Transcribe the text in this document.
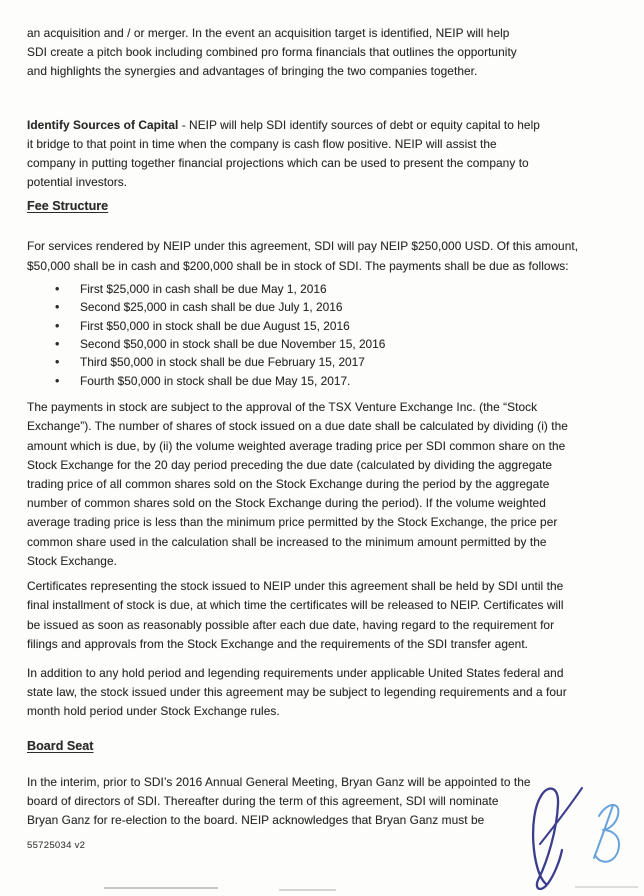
an acquisition and / or merger. In the event an acquisition target is identified, NEIP will help
SDI create a pitch book including combined pro forma financials that outlines the opportunity
and highlights the synergies and advantages of bringing the two companies together.
Identify Sources of Capital - NEIP will help SDI identify sources of debt or equity capital to help
it bridge to that point in time when the company is cash flow positive. NEIP will assist the
company in putting together financial projections which can be used to present the company to
potential investors.
Fee Structure
For services rendered by NEIP under this agreement, SDI will pay NEIP $250,000 USD. Of this amount,
$50,000 shall be in cash and $200,000 shall be in stock of SDI. The payments shall be due as follows:
• First $25,000 in cash shall be due May 1, 2016
• Second $25,000 in cash shall be due July 1, 2016
• First $50,000 in stock shall be due August 15, 2016
• Second $50,000 in stock shall be due November 15, 2016
• Third $50,000 in stock shall be due February 15, 2017
• Fourth $50,000 in stock shall be due May 15, 2017.
The payments in stock are subject to the approval of the TSX Venture Exchange Inc. (the “Stock
Exchange”). The number of shares of stock issued on a due date shall be calculated by dividing (i) the
amount which is due, by (ii) the volume weighted average trading price per SDI common share on the
Stock Exchange for the 20 day period preceding the due date (calculated by dividing the aggregate
trading price of all common shares sold on the Stock Exchange during the period by the aggregate
number of common shares sold on the Stock Exchange during the period). If the volume weighted
average trading price is less than the minimum price permitted by the Stock Exchange, the price per
common share used in the calculation shall be increased to the minimum amount permitted by the
Stock Exchange.
Certificates representing the stock issued to NEIP under this agreement shall be held by SDI until the
final installment of stock is due, at which time the certificates will be released to NEIP. Certificates will
be issued as soon as reasonably possible after each due date, having regard to the requirement for
filings and approvals from the Stock Exchange and the requirements of the SDI transfer agent.
In addition to any hold period and legending requirements under applicable United States federal and
state law, the stock issued under this agreement may be subject to legending requirements and a four
month hold period under Stock Exchange rules.
Board Seat
In the interim, prior to SDI’s 2016 Annual General Meeting, Bryan Ganz will be appointed to the
board of directors of SDI. Thereafter during the term of this agreement, SDI will nominate
Bryan Ganz for re-election to the board. NEIP acknowledges that Bryan Ganz must be
55725034 v2
